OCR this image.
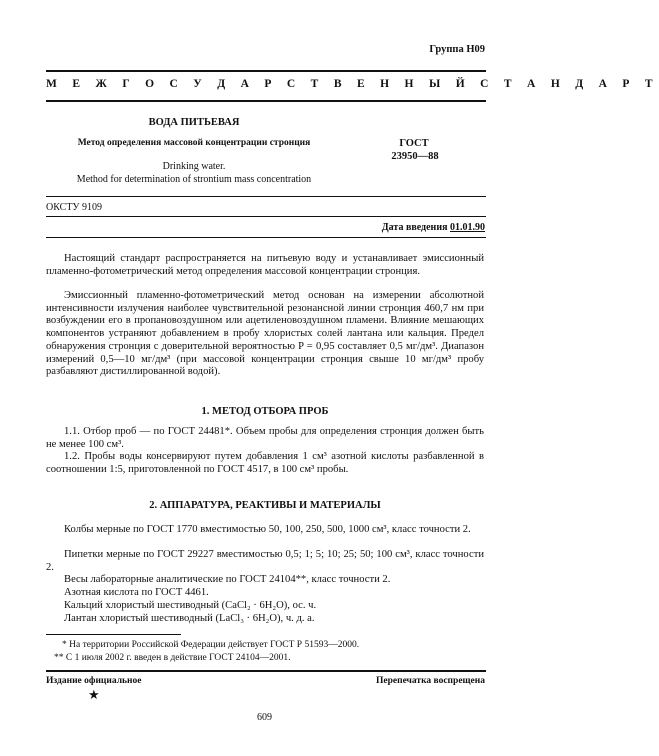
Группа Н09
М Е Ж Г О С У Д А Р С Т В Е Н Н Ы Й С Т А Н Д А Р Т
ВОДА ПИТЬЕВАЯ
Метод определения массовой концентрации стронция
Drinking water.
Method for determination of strontium mass concentration
ГОСТ
23950—88
ОКСТУ 9109
Дата введения 01.01.90
Настоящий стандарт распространяется на питьевую воду и устанавливает эмиссионный пламенно-фотометрический метод определения массовой концентрации стронция.
Эмиссионный пламенно-фотометрический метод основан на измерении абсолютной интенсивности излучения наиболее чувствительной резонансной линии стронция 460,7 нм при возбуждении его в пропановоздушном или ацетиленовоздушном пламени. Влияние мешающих компонентов устраняют добавлением в пробу хлористых солей лантана или кальция. Предел обнаружения стронция с доверительной вероятностью P = 0,95 составляет 0,5 мг/дм³. Диапазон измерений 0,5—10 мг/дм³ (при массовой концентрации стронция свыше 10 мг/дм³ пробу разбавляют дистиллированной водой).
1. МЕТОД ОТБОРА ПРОБ
1.1. Отбор проб — по ГОСТ 24481*. Объем пробы для определения стронция должен быть не менее 100 см³.
1.2. Пробы воды консервируют путем добавления 1 см³ азотной кислоты разбавленной в соотношении 1:5, приготовленной по ГОСТ 4517, в 100 см³ пробы.
2. АППАРАТУРА, РЕАКТИВЫ И МАТЕРИАЛЫ
Колбы мерные по ГОСТ 1770 вместимостью 50, 100, 250, 500, 1000 см³, класс точности 2.
Пипетки мерные по ГОСТ 29227 вместимостью 0,5; 1; 5; 10; 25; 50; 100 см³, класс точности 2.
Весы лабораторные аналитические по ГОСТ 24104**, класс точности 2.
Азотная кислота по ГОСТ 4461.
Кальций хлористый шестиводный (CaCl₂ · 6H₂O), ос. ч.
Лантан хлористый шестиводный (LaCl₃ · 6H₂O), ч. д. а.
* На территории Российской Федерации действует ГОСТ Р 51593—2000.
** С 1 июля 2002 г. введен в действие ГОСТ 24104—2001.
Издание официальное	Перепечатка воспрещена
★
609
